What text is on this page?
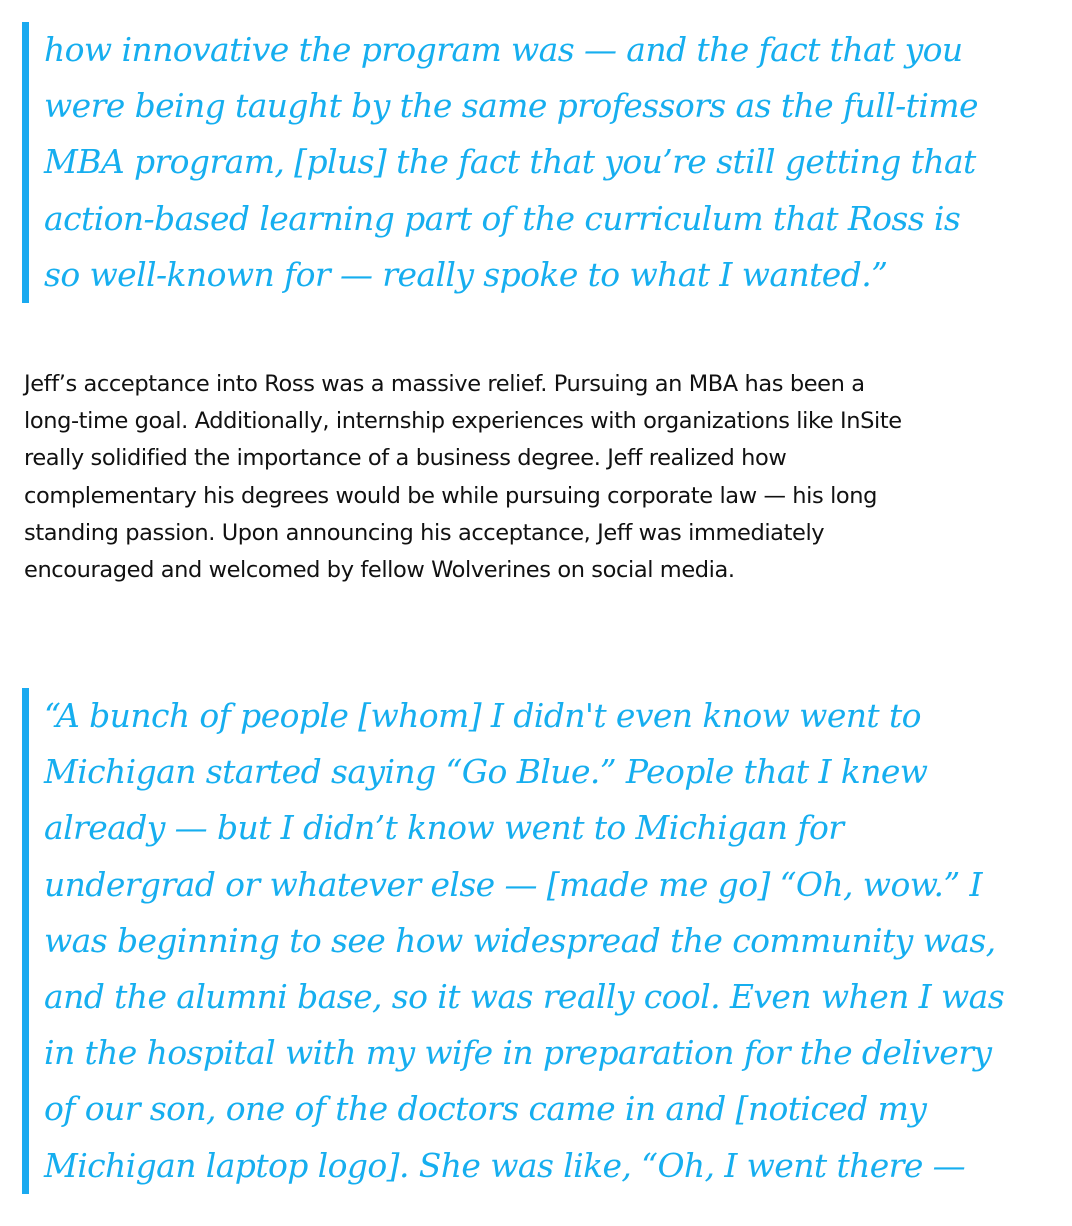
how innovative the program was — and the fact that you
were being taught by the same professors as the full-time
MBA program, [plus] the fact that you’re still getting that
action-based learning part of the curriculum that Ross is
so well-known for — really spoke to what I wanted.”

Jeff’s acceptance into Ross was a massive relief. Pursuing an MBA has been a
long-time goal. Additionally, internship experiences with organizations like InSite
really solidified the importance of a business degree. Jeff realized how
complementary his degrees would be while pursuing corporate law — his long
standing passion. Upon announcing his acceptance, Jeff was immediately
encouraged and welcomed by fellow Wolverines on social media.

“A bunch of people [whom] I didn't even know went to
Michigan started saying “Go Blue.” People that I knew
already — but I didn’t know went to Michigan for
undergrad or whatever else — [made me go] “Oh, wow.” I
was beginning to see how widespread the community was,
and the alumni base, so it was really cool. Even when I was
in the hospital with my wife in preparation for the delivery
of our son, one of the doctors came in and [noticed my
Michigan laptop logo]. She was like, “Oh, I went there —
